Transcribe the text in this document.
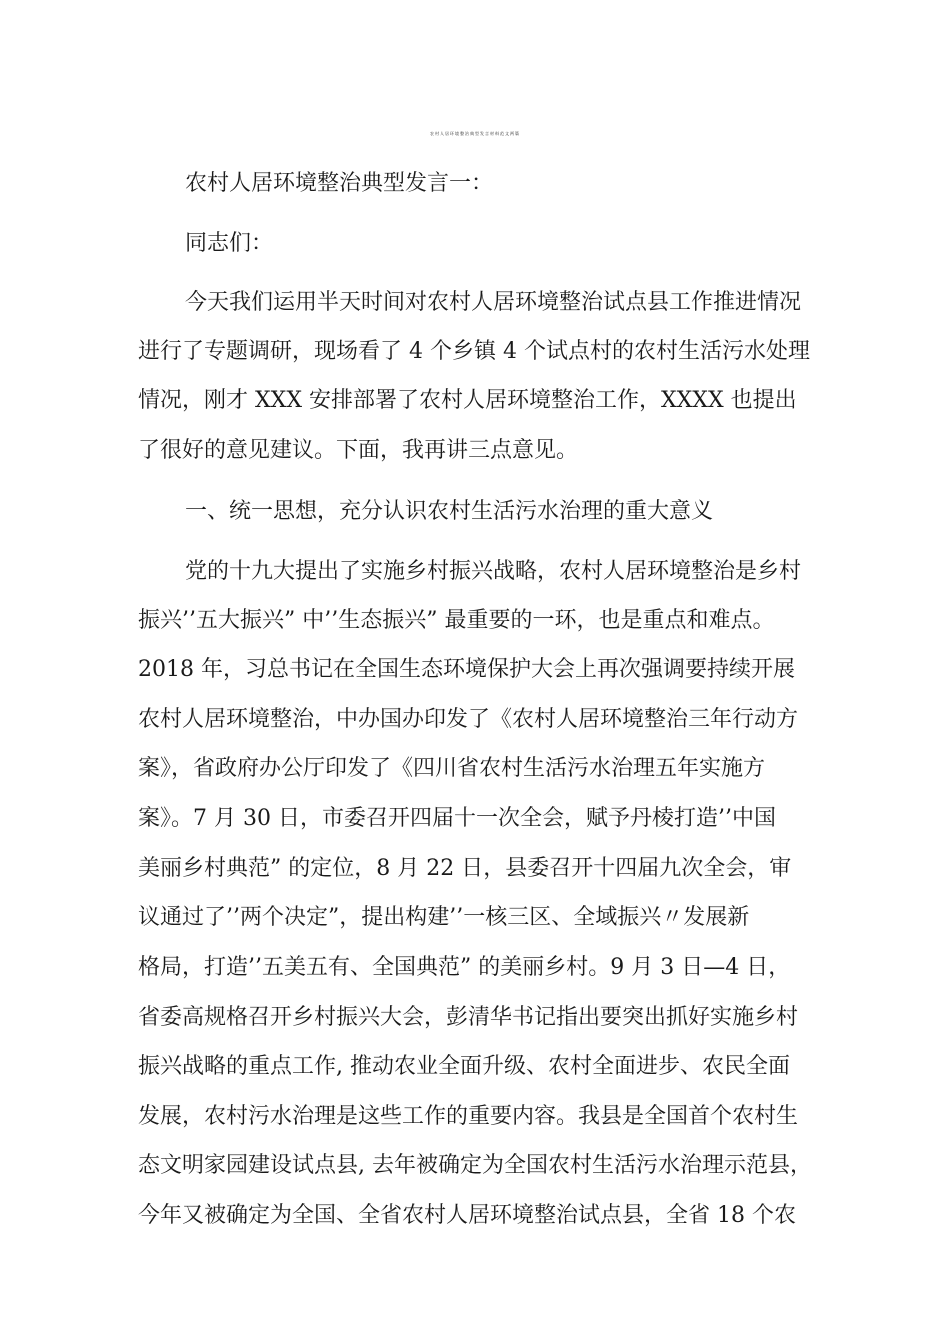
农村人居环境整治典型发言材料范文两篇
农村人居环境整治典型发言一：
同志们：
今天我们运用半天时间对农村人居环境整治试点县工作推进情况
进行了专题调研，现场看了 4 个乡镇 4 个试点村的农村生活污水处理
情况，刚才 XXX 安排部署了农村人居环境整治工作，XXXX 也提出
了很好的意见建议。下面，我再讲三点意见。
一、统一思想，充分认识农村生活污水治理的重大意义
党的十九大提出了实施乡村振兴战略，农村人居环境整治是乡村
振兴’’五大振兴” 中’’生态振兴” 最重要的一环，也是重点和难点。
2018 年，习总书记在全国生态环境保护大会上再次强调要持续开展
农村人居环境整治，中办国办印发了《农村人居环境整治三年行动方
案》，省政府办公厅印发了《四川省农村生活污水治理五年实施方
案》。7 月 30 日，市委召开四届十一次全会，赋予丹棱打造’’中国
美丽乡村典范” 的定位，8 月 22 日，县委召开十四届九次全会，审
议通过了’’两个决定”，提出构建’’一核三区、全域振兴〃发展新
格局，打造’’五美五有、全国典范” 的美丽乡村。9 月 3 日—4 日，
省委高规格召开乡村振兴大会，彭清华书记指出要突出抓好实施乡村
振兴战略的重点工作, 推动农业全面升级、农村全面进步、农民全面
发展，农村污水治理是这些工作的重要内容。我县是全国首个农村生
态文明家园建设试点县, 去年被确定为全国农村生活污水治理示范县，
今年又被确定为全国、全省农村人居环境整治试点县，全省 18 个农
